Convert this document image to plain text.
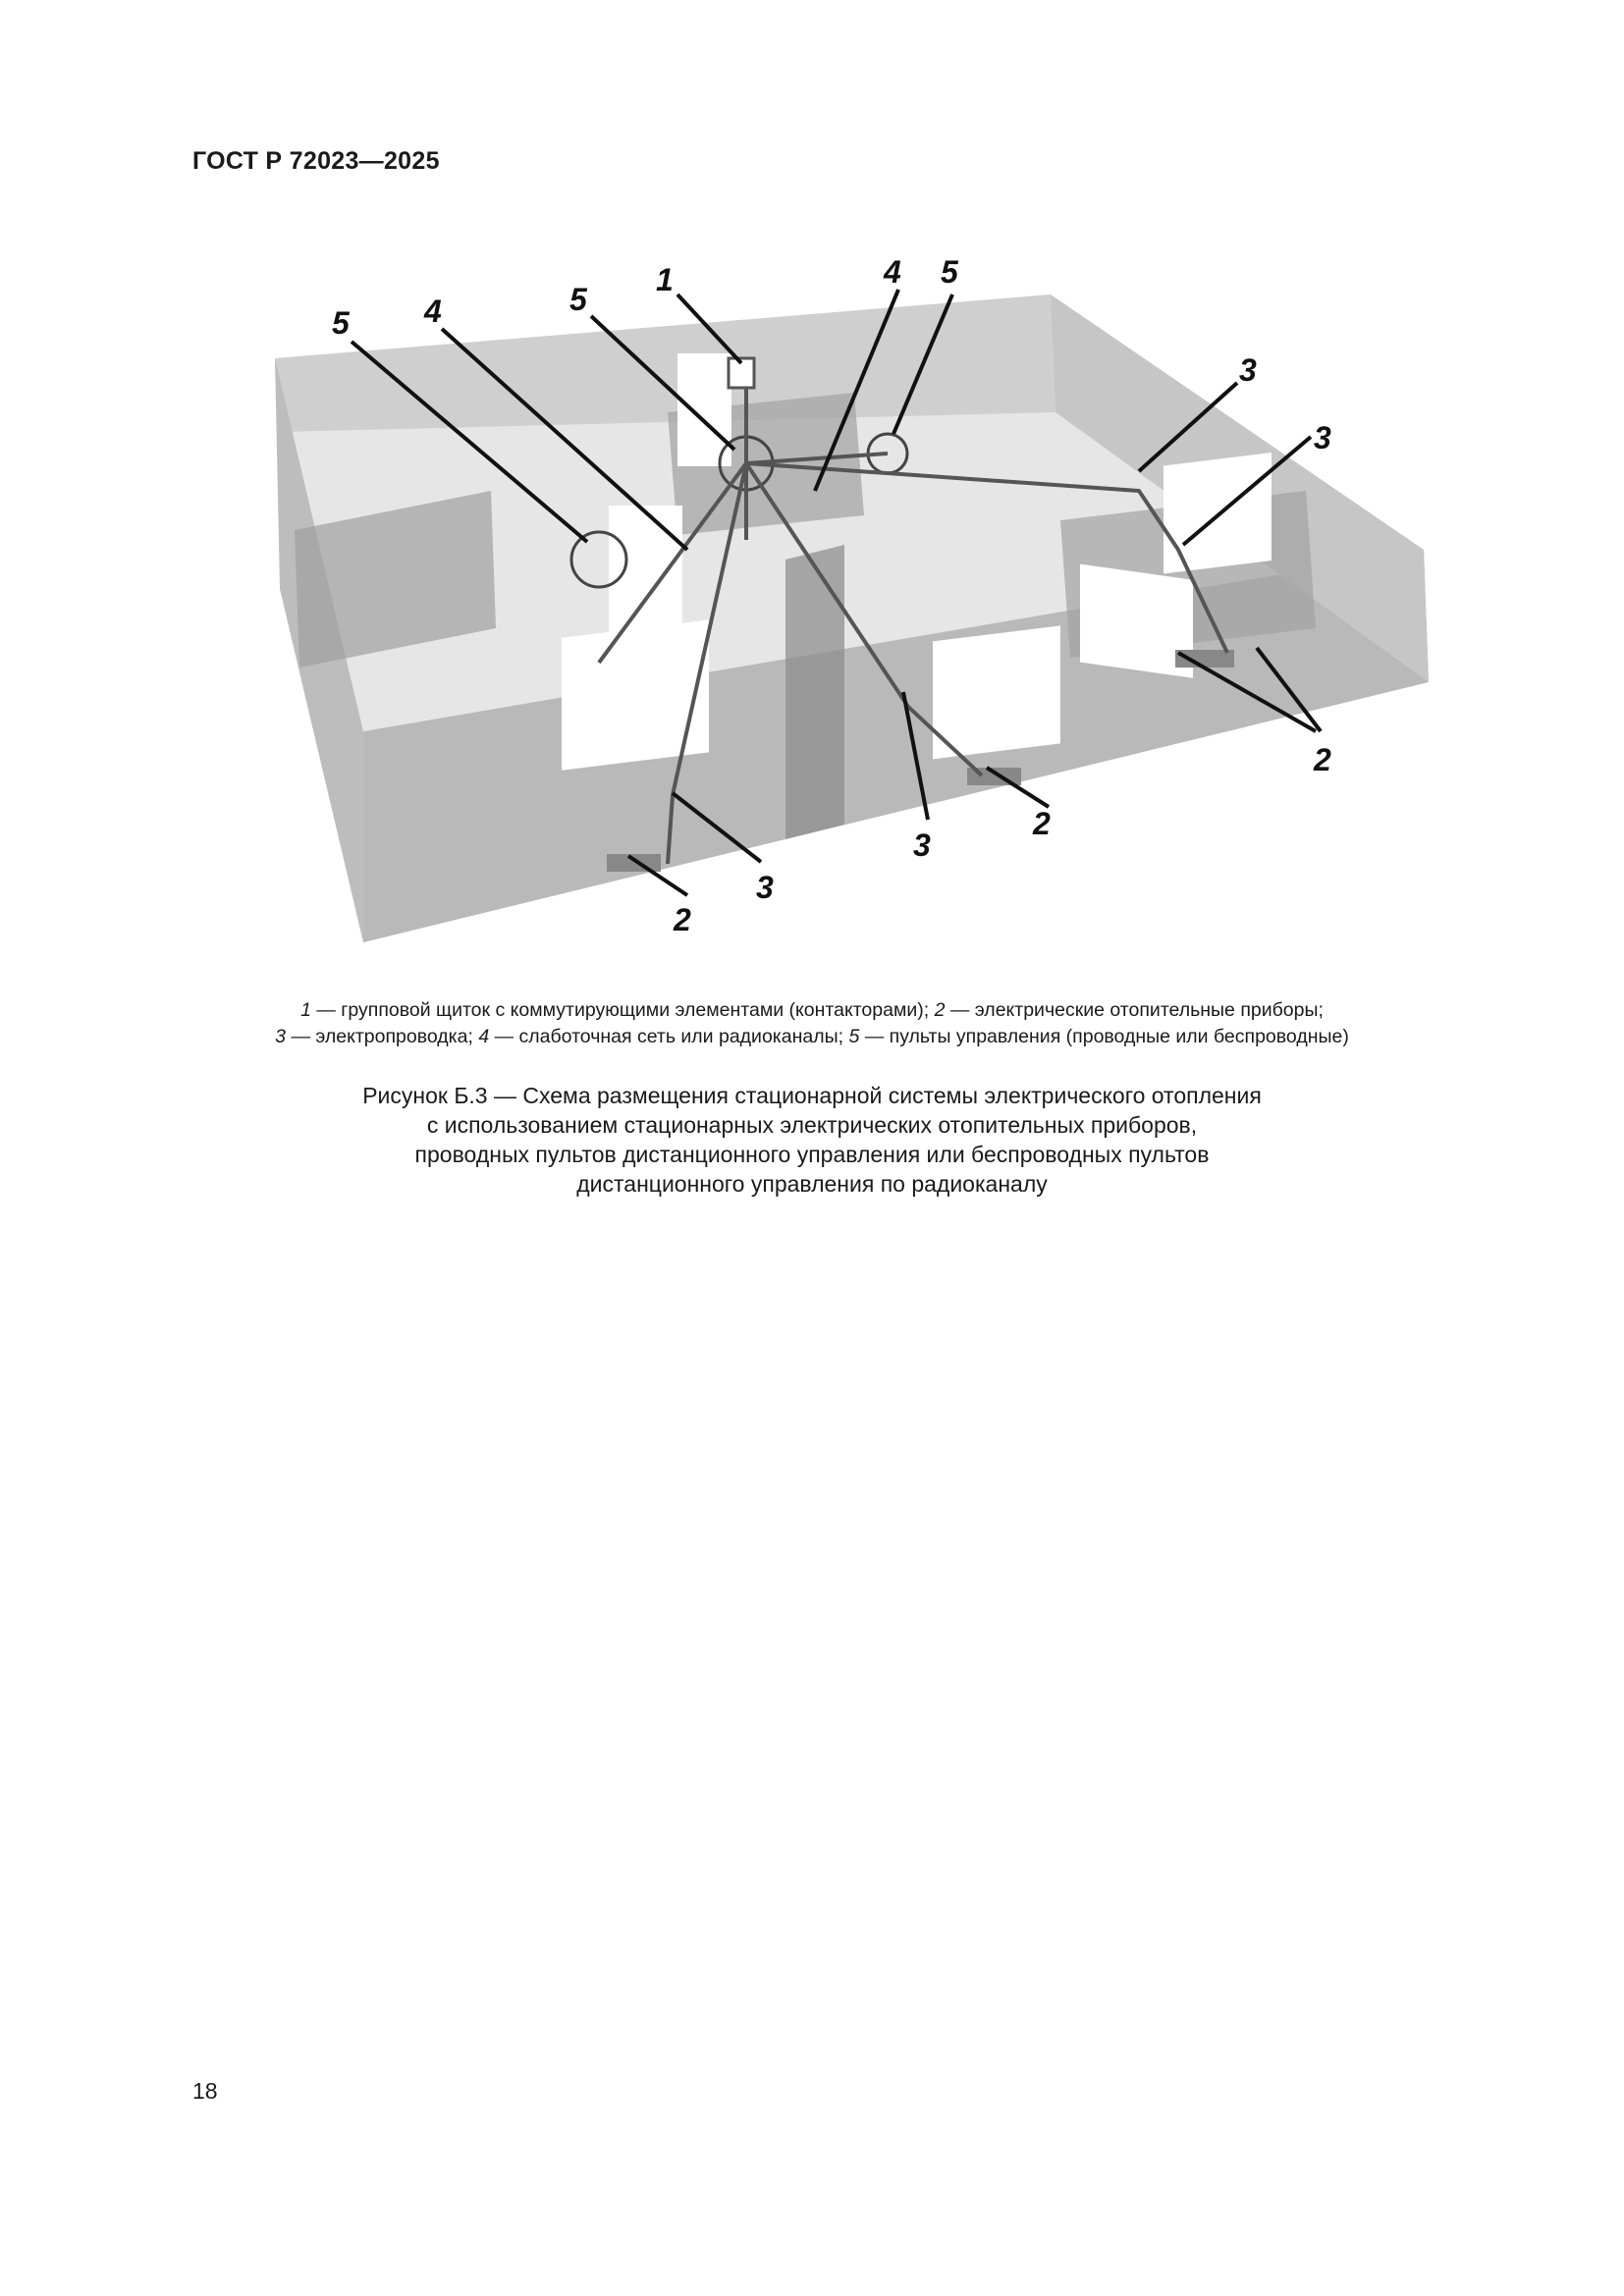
ГОСТ Р 72023—2025
1
5
5 4
4 5
3
3
3
3
2
2
2
1 — групповой щиток с коммутирующими элементами (контакторами); 2 — электрические отопительные приборы;
3 — электропроводка; 4 — слаботочная сеть или радиоканалы; 5 — пульты управления (проводные или беспроводные)
Рисунок Б.3 — Схема размещения стационарной системы электрического отопления
с использованием стационарных электрических отопительных приборов,
проводных пультов дистанционного управления или беспроводных пультов
дистанционного управления по радиоканалу
18
